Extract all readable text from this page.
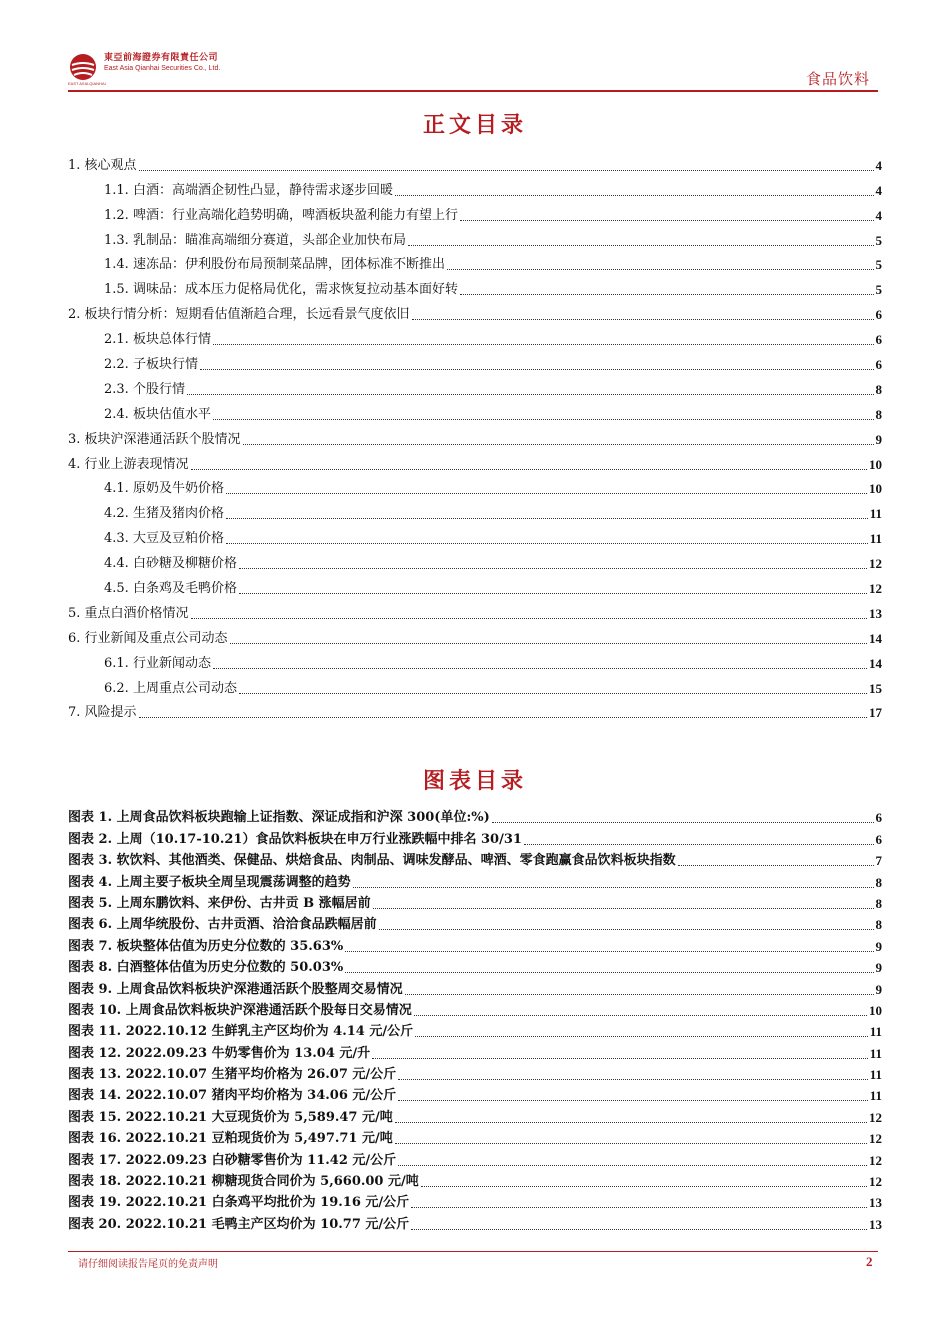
東亞前海證券有限責任公司
East Asia Qianhai Securities Co., Ltd.
EAST ASIA QIANHAI	食品饮料
正文目录
1. 核心观点	4
1.1. 白酒：高端酒企韧性凸显，静待需求逐步回暖	4
1.2. 啤酒：行业高端化趋势明确，啤酒板块盈利能力有望上行	4
1.3. 乳制品：瞄准高端细分赛道，头部企业加快布局	5
1.4. 速冻品：伊利股份布局预制菜品牌，团体标准不断推出	5
1.5. 调味品：成本压力促格局优化，需求恢复拉动基本面好转	5
2. 板块行情分析：短期看估值渐趋合理，长远看景气度依旧	6
2.1. 板块总体行情	6
2.2. 子板块行情	6
2.3. 个股行情	8
2.4. 板块估值水平	8
3. 板块沪深港通活跃个股情况	9
4. 行业上游表现情况	10
4.1. 原奶及牛奶价格	10
4.2. 生猪及猪肉价格	11
4.3. 大豆及豆粕价格	11
4.4. 白砂糖及柳糖价格	12
4.5. 白条鸡及毛鸭价格	12
5. 重点白酒价格情况	13
6. 行业新闻及重点公司动态	14
6.1. 行业新闻动态	14
6.2. 上周重点公司动态	15
7. 风险提示	17
图表目录
图表 1. 上周食品饮料板块跑输上证指数、深证成指和沪深 300(单位:%)	6
图表 2. 上周（10.17-10.21）食品饮料板块在申万行业涨跌幅中排名 30/31	6
图表 3. 软饮料、其他酒类、保健品、烘焙食品、肉制品、调味发酵品、啤酒、零食跑赢食品饮料板块指数	7
图表 4. 上周主要子板块全周呈现震荡调整的趋势	8
图表 5. 上周东鹏饮料、来伊份、古井贡 B 涨幅居前	8
图表 6. 上周华统股份、古井贡酒、洽洽食品跌幅居前	8
图表 7. 板块整体估值为历史分位数的 35.63%	9
图表 8. 白酒整体估值为历史分位数的 50.03%	9
图表 9. 上周食品饮料板块沪深港通活跃个股整周交易情况	9
图表 10. 上周食品饮料板块沪深港通活跃个股每日交易情况	10
图表 11. 2022.10.12 生鲜乳主产区均价为 4.14 元/公斤	11
图表 12. 2022.09.23 牛奶零售价为 13.04 元/升	11
图表 13. 2022.10.07 生猪平均价格为 26.07 元/公斤	11
图表 14. 2022.10.07 猪肉平均价格为 34.06 元/公斤	11
图表 15. 2022.10.21 大豆现货价为 5,589.47 元/吨	12
图表 16. 2022.10.21 豆粕现货价为 5,497.71 元/吨	12
图表 17. 2022.09.23 白砂糖零售价为 11.42 元/公斤	12
图表 18. 2022.10.21 柳糖现货合同价为 5,660.00 元/吨	12
图表 19. 2022.10.21 白条鸡平均批价为 19.16 元/公斤	13
图表 20. 2022.10.21 毛鸭主产区均价为 10.77 元/公斤	13
请仔细阅读报告尾页的免责声明	2
